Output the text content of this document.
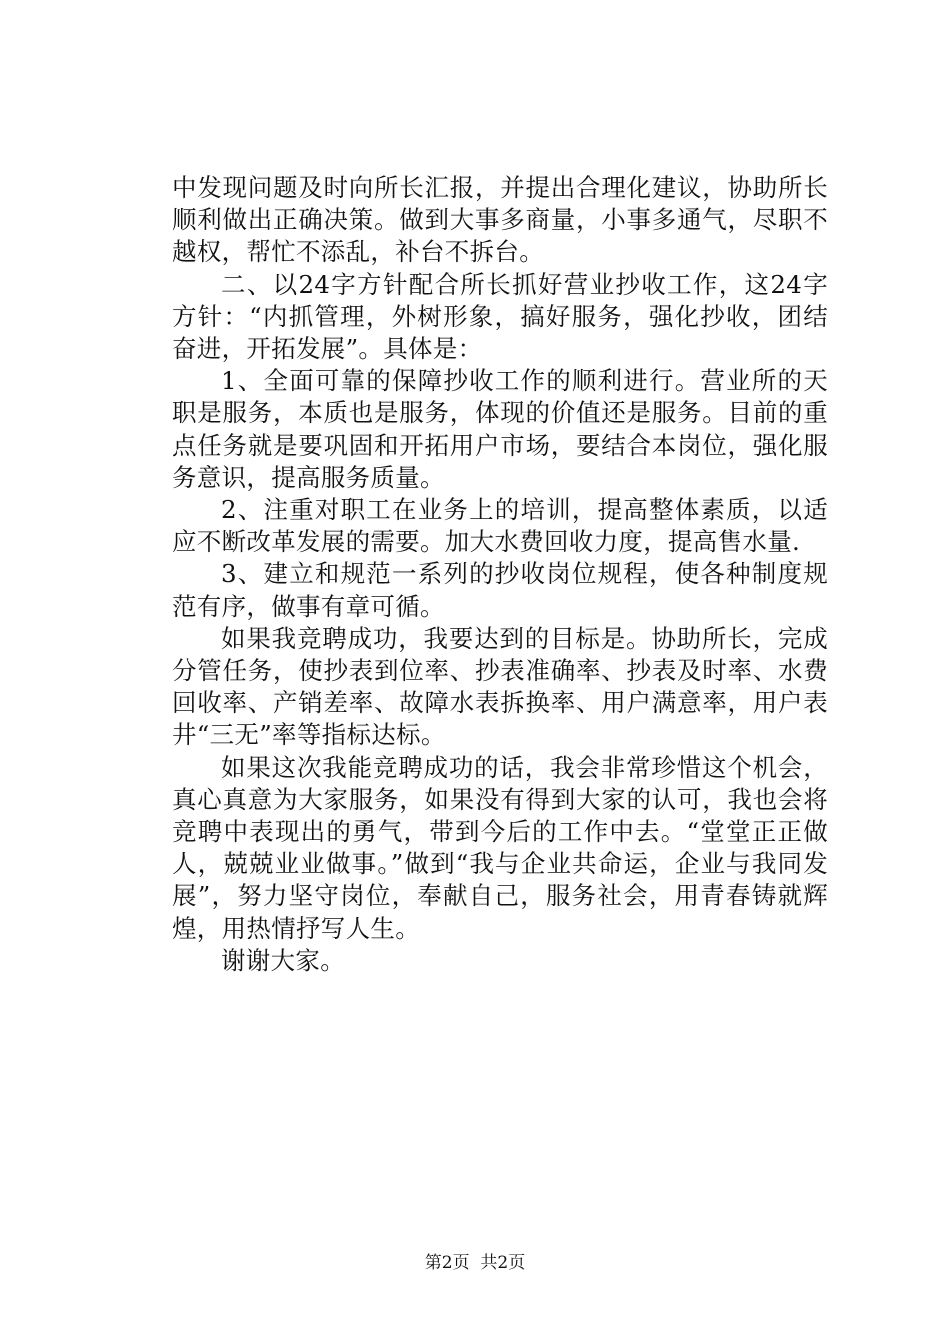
中发现问题及时向所长汇报，并提出合理化建议，协助所长顺利做出正确决策。做到大事多商量，小事多通气，尽职不越权，帮忙不添乱，补台不拆台。

二、以24字方针配合所长抓好营业抄收工作，这24字方针：“内抓管理，外树形象，搞好服务，强化抄收，团结奋进，开拓发展”。具体是：

1、全面可靠的保障抄收工作的顺利进行。营业所的天职是服务，本质也是服务，体现的价值还是服务。目前的重点任务就是要巩固和开拓用户市场，要结合本岗位，强化服务意识，提高服务质量。

2、注重对职工在业务上的培训，提高整体素质，以适应不断改革发展的需要。加大水费回收力度，提高售水量.

3、建立和规范一系列的抄收岗位规程，使各种制度规范有序，做事有章可循。

如果我竞聘成功，我要达到的目标是。协助所长，完成分管任务，使抄表到位率、抄表准确率、抄表及时率、水费回收率、产销差率、故障水表拆换率、用户满意率，用户表井“三无”率等指标达标。

如果这次我能竞聘成功的话，我会非常珍惜这个机会，真心真意为大家服务，如果没有得到大家的认可，我也会将竞聘中表现出的勇气，带到今后的工作中去。“堂堂正正做人，兢兢业业做事。”做到“我与企业共命运，企业与我同发展”，努力坚守岗位，奉献自己，服务社会，用青春铸就辉煌，用热情抒写人生。

谢谢大家。

第2页  共2页
